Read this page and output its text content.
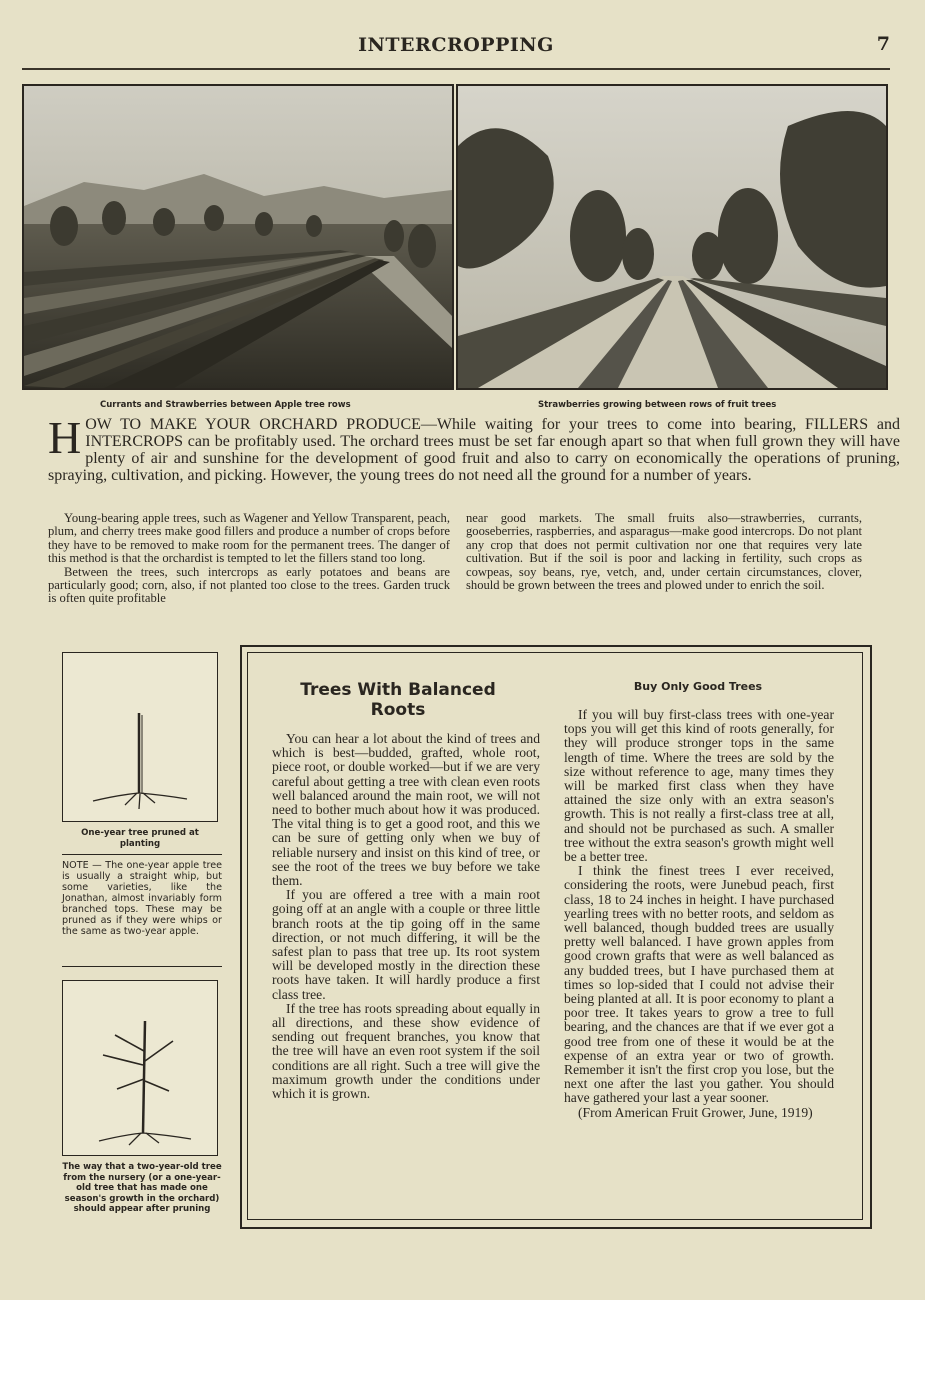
INTERCROPPING	7
Currants and Strawberries between Apple tree rows	Strawberries growing between rows of fruit trees
HOW TO MAKE YOUR ORCHARD PRODUCE—While waiting for your trees to come into bearing, FILLERS and INTERCROPS can be profitably used. The orchard trees must be set far enough apart so that when full grown they will have plenty of air and sunshine for the development of good fruit and also to carry on economically the operations of pruning, spraying, cultivation, and picking. However, the young trees do not need all the ground for a number of years.

Young-bearing apple trees, such as Wagener and Yellow Transparent, peach, plum, and cherry trees make good fillers and produce a number of crops before they have to be removed to make room for the permanent trees. The danger of this method is that the orchardist is tempted to let the fillers stand too long.

Between the trees, such intercrops as early potatoes and beans are particularly good; corn, also, if not planted too close to the trees. Garden truck is often quite profitable

near good markets. The small fruits also—strawberries, currants, gooseberries, raspberries, and asparagus—make good intercrops. Do not plant any crop that does not permit cultivation nor one that requires very late cultivation. But if the soil is poor and lacking in fertility, such crops as cowpeas, soy beans, rye, vetch, and, under certain circumstances, clover, should be grown between the trees and plowed under to enrich the soil.

One-year tree pruned at planting
NOTE — The one-year apple tree is usually a straight whip, but some varieties, like the Jonathan, almost invariably form branched tops. These may be pruned as if they were whips or the same as two-year apple.
The way that a two-year-old tree from the nursery (or a one-year-old tree that has made one season's growth in the orchard) should appear after pruning
Trees With Balanced Roots

You can hear a lot about the kind of trees and which is best—budded, grafted, whole root, piece root, or double worked—but if we are very careful about getting a tree with clean even roots well balanced around the main root, we will not need to bother much about how it was produced. The vital thing is to get a good root, and this we can be sure of getting only when we buy of reliable nursery and insist on this kind of tree, or see the root of the trees we buy before we take them.

If you are offered a tree with a main root going off at an angle with a couple or three little branch roots at the tip going off in the same direction, or not much differing, it will be the safest plan to pass that tree up. Its root system will be developed mostly in the direction these roots have taken. It will hardly produce a first class tree.

If the tree has roots spreading about equally in all directions, and these show evidence of sending out frequent branches, you know that the tree will have an even root system if the soil conditions are all right. Such a tree will give the maximum growth under the conditions under which it is grown.

Buy Only Good Trees

If you will buy first-class trees with one-year tops you will get this kind of roots generally, for they will produce stronger tops in the same length of time. Where the trees are sold by the size without reference to age, many times they will be marked first class when they have attained the size only with an extra season's growth. This is not really a first-class tree at all, and should not be purchased as such. A smaller tree without the extra season's growth might well be a better tree.

I think the finest trees I ever received, considering the roots, were Junebud peach, first class, 18 to 24 inches in height. I have purchased yearling trees with no better roots, and seldom as well balanced, though budded trees are usually pretty well balanced. I have grown apples from good crown grafts that were as well balanced as any budded trees, but I have purchased them at times so lop-sided that I could not advise their being planted at all. It is poor economy to plant a poor tree. It takes years to grow a tree to full bearing, and the chances are that if we ever got a good tree from one of these it would be at the expense of an extra year or two of growth. Remember it isn't the first crop you lose, but the next one after the last you gather. You should have gathered your last a year sooner.

(From American Fruit Grower, June, 1919)
